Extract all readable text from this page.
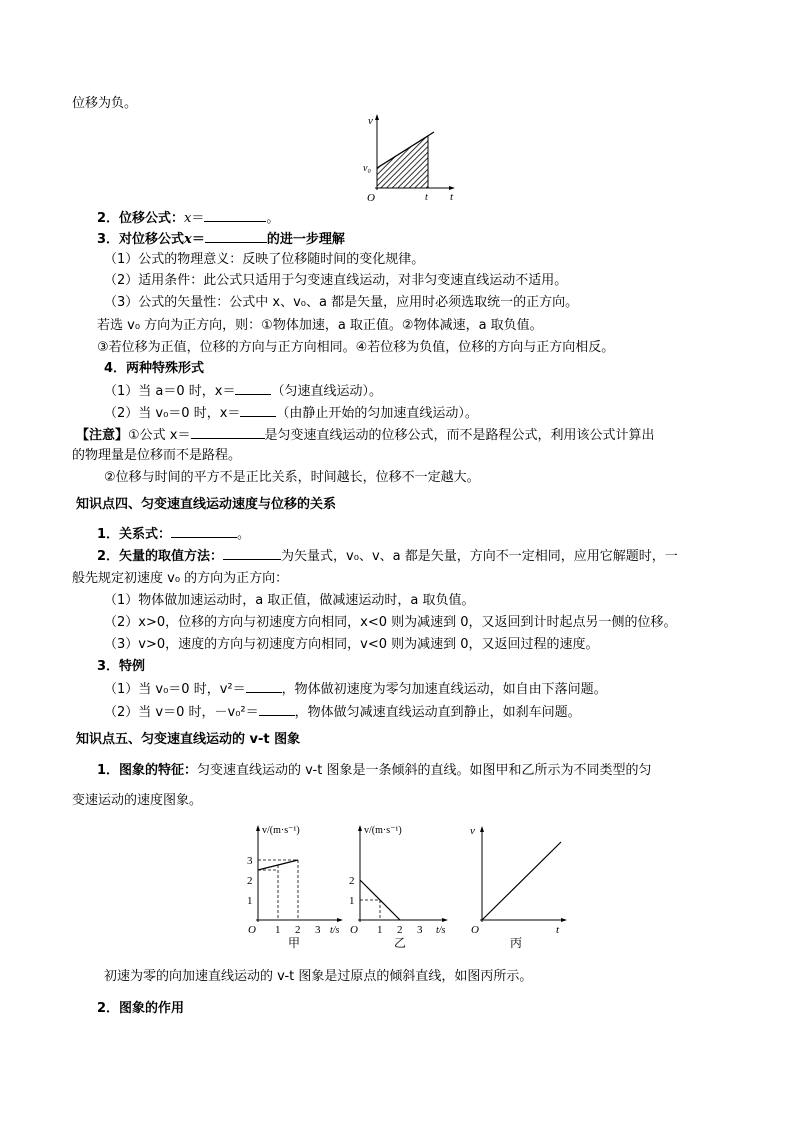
位移为负。
v
v₀
O	t t
2．位移公式：x＝	。
3．对位移公式x＝	的进一步理解
（1）公式的物理意义：反映了位移随时间的变化规律。
（2）适用条件：此公式只适用于匀变速直线运动，对非匀变速直线运动不适用。
（3）公式的矢量性：公式中 x、v₀、a 都是矢量，应用时必须选取统一的正方向。
若选 v₀ 方向为正方向，则：①物体加速，a 取正值。②物体减速，a 取负值。
③若位移为正值，位移的方向与正方向相同。④若位移为负值，位移的方向与正方向相反。
4．两种特殊形式
（1）当 a＝0 时，x＝	（匀速直线运动）。
（2）当 v₀＝0 时，x＝	（由静止开始的匀加速直线运动）。
【注意】①公式 x＝	是匀变速直线运动的位移公式，而不是路程公式，利用该公式计算出
的物理量是位移而不是路程。
②位移与时间的平方不是正比关系，时间越长，位移不一定越大。
知识点四、匀变速直线运动速度与位移的关系
1．关系式：	。
2．矢量的取值方法：	为矢量式，v₀、v、a 都是矢量，方向不一定相同，应用它解题时，一
般先规定初速度 v₀ 的方向为正方向：
（1）物体做加速运动时，a 取正值，做减速运动时，a 取负值。
（2）x>0，位移的方向与初速度方向相同，x<0 则为减速到 0，又返回到计时起点另一侧的位移。
（3）v>0，速度的方向与初速度方向相同，v<0 则为减速到 0，又返回过程的速度。
3．特例
（1）当 v₀＝0 时，v²＝	，物体做初速度为零匀加速直线运动，如自由下落问题。
（2）当 v＝0 时，－v₀²＝	，物体做匀减速直线运动直到静止，如刹车问题。
知识点五、匀变速直线运动的 v-t 图象
1．图象的特征：匀变速直线运动的 v-t 图象是一条倾斜的直线。如图甲和乙所示为不同类型的匀
变速运动的速度图象。
1
2
3
1 2 3
v/(m·s⁻¹)
t/s
O
甲
1
2
1 2 3
v/(m·s⁻¹)
t/s
O
乙
v
t
O
丙
初速为零的向加速直线运动的 v-t 图象是过原点的倾斜直线，如图丙所示。
2．图象的作用
